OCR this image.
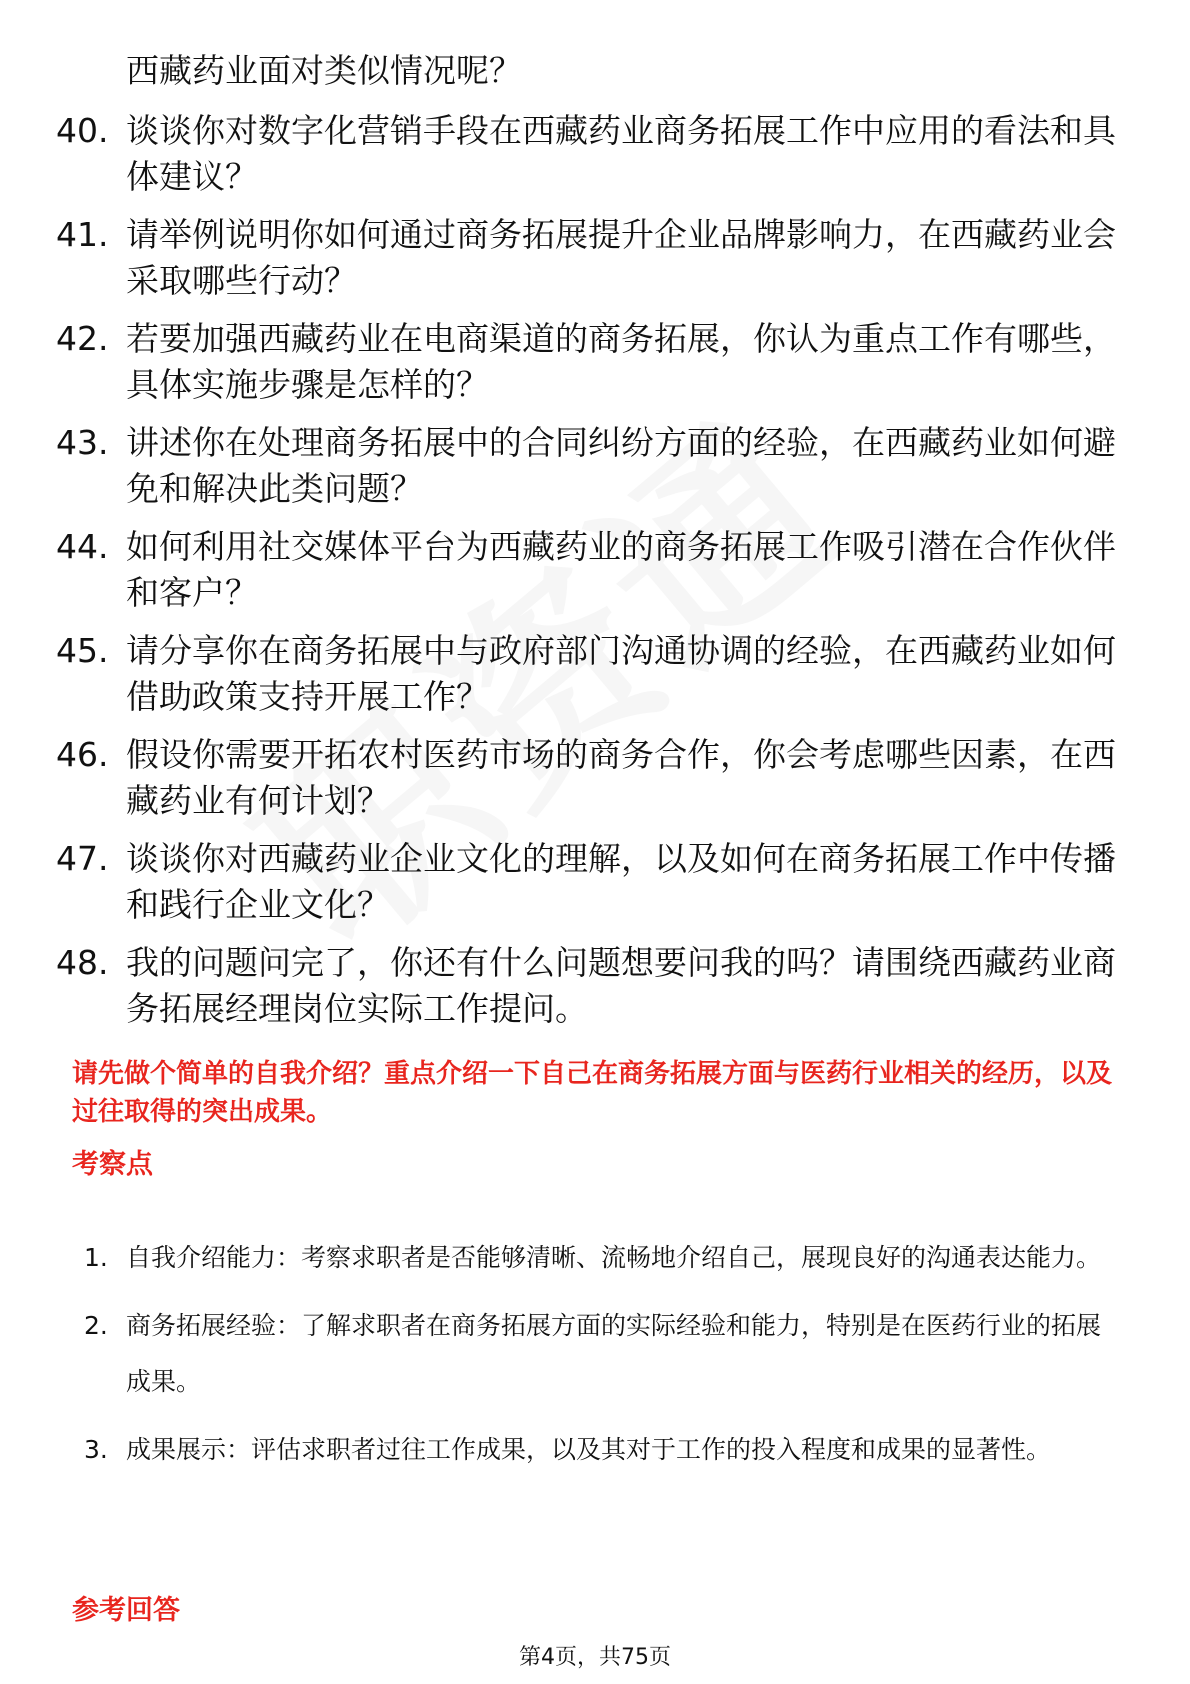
西藏药业面对类似情况呢？
40. 谈谈你对数字化营销手段在西藏药业商务拓展工作中应用的看法和具体建议？
41. 请举例说明你如何通过商务拓展提升企业品牌影响力，在西藏药业会采取哪些行动？
42. 若要加强西藏药业在电商渠道的商务拓展，你认为重点工作有哪些，具体实施步骤是怎样的？
43. 讲述你在处理商务拓展中的合同纠纷方面的经验，在西藏药业如何避免和解决此类问题？
44. 如何利用社交媒体平台为西藏药业的商务拓展工作吸引潜在合作伙伴和客户？
45. 请分享你在商务拓展中与政府部门沟通协调的经验，在西藏药业如何借助政策支持开展工作？
46. 假设你需要开拓农村医药市场的商务合作，你会考虑哪些因素，在西藏药业有何计划？
47. 谈谈你对西藏药业企业文化的理解，以及如何在商务拓展工作中传播和践行企业文化？
48. 我的问题问完了，你还有什么问题想要问我的吗？请围绕西藏药业商务拓展经理岗位实际工作提问。
请先做个简单的自我介绍？重点介绍一下自己在商务拓展方面与医药行业相关的经历，以及过往取得的突出成果。
考察点
1. 自我介绍能力：考察求职者是否能够清晰、流畅地介绍自己，展现良好的沟通表达能力。
2. 商务拓展经验：了解求职者在商务拓展方面的实际经验和能力，特别是在医药行业的拓展成果。
3. 成果展示：评估求职者过往工作成果，以及其对于工作的投入程度和成果的显著性。
参考回答
第4页，共75页
